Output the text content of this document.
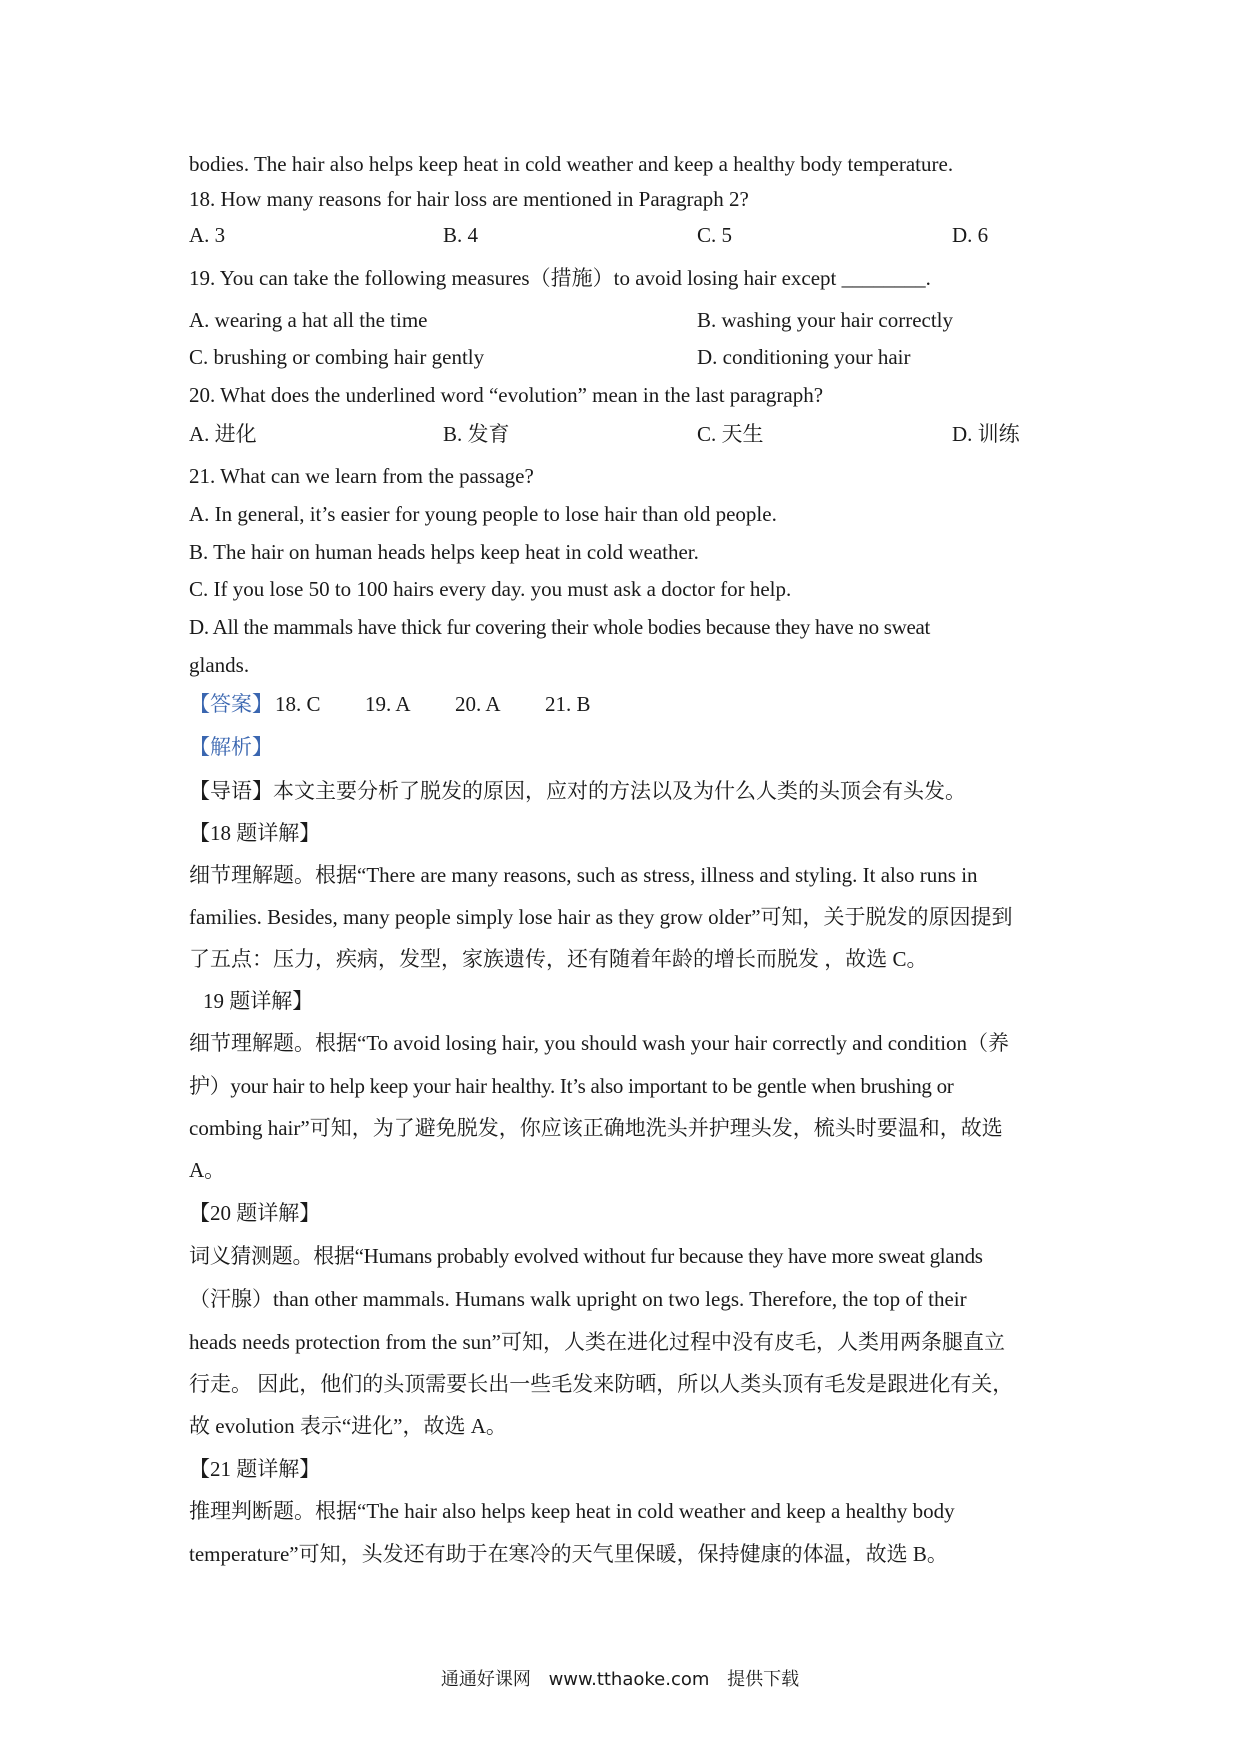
bodies. The hair also helps keep heat in cold weather and keep a healthy body temperature.
18. How many reasons for hair loss are mentioned in Paragraph 2?
A. 3	B. 4	C. 5	D. 6
19. You can take the following measures（措施）to avoid losing hair except ________.
A. wearing a hat all the time	B. washing your hair correctly
C. brushing or combing hair gently	D. conditioning your hair
20. What does the underlined word “evolution” mean in the last paragraph?
A. 进化	B. 发育	C. 天生	D. 训练
21. What can we learn from the passage?
A. In general, it’s easier for young people to lose hair than old people.
B. The hair on human heads helps keep heat in cold weather.
C. If you lose 50 to 100 hairs every day. you must ask a doctor for help.
D. All the mammals have thick fur covering their whole bodies because they have no sweat
glands.
【答案】 18. C 19. A 20. A 21. B
【解析】
【导语】本文主要分析了脱发的原因，应对的方法以及为什么人类的头顶会有头发。
【18 题详解】
细节理解题。根据“There are many reasons, such as stress, illness and styling. It also runs in
families. Besides, many people simply lose hair as they grow older”可知，关于脱发的原因提到
了五点：压力，疾病，发型，家族遗传，还有随着年龄的增长而脱发 ，故选 C。
19 题详解】
细节理解题。根据“To avoid losing hair, you should wash your hair correctly and condition（养
护）your hair to help keep your hair healthy. It’s also important to be gentle when brushing or
combing hair”可知，为了避免脱发，你应该正确地洗头并护理头发，梳头时要温和，故选
A。
【20 题详解】
词义猜测题。根据“Humans probably evolved without fur because they have more sweat glands
（汗腺）than other mammals. Humans walk upright on two legs. Therefore, the top of their
heads needs protection from the sun”可知，人类在进化过程中没有皮毛，人类用两条腿直立
行走。 因此，他们的头顶需要长出一些毛发来防晒，所以人类头顶有毛发是跟进化有关，
故 evolution 表示“进化”，故选 A。
【21 题详解】
推理判断题。根据“The hair also helps keep heat in cold weather and keep a healthy body
temperature”可知，头发还有助于在寒冷的天气里保暖，保持健康的体温，故选 B。
通通好课网 www.tthaoke.com 提供下载
